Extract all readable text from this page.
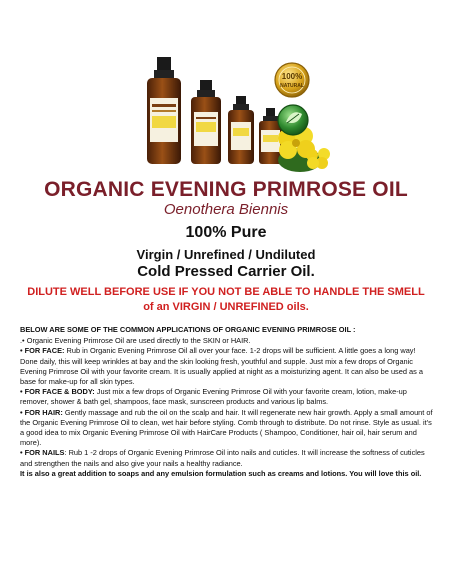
100%
NATURAL
ORGANIC EVENING PRIMROSE OIL
Oenothera Biennis
100% Pure
Virgin / Unrefined / Undiluted
Cold Pressed Carrier Oil.
DILUTE WELL BEFORE USE IF YOU NOT BE ABLE TO HANDLE THE SMELL
of an VIRGIN / UNREFINED oils.

BELOW ARE SOME OF THE COMMON APPLICATIONS OF ORGANIC EVENING PRIMROSE OIL :

.• Organic Evening Primrose Oil are used directly to the SKIN or HAIR.

• FOR FACE: Rub in Organic Evening Primrose Oil all over your face. 1-2 drops will be sufficient. A little goes a long way! Done daily, this will keep wrinkles at bay and the skin looking fresh, youthful and supple. Just mix a few drops of Organic Evening Primrose Oil with your favorite cream. It is usually applied at night as a moisturizing agent. It can also be used as a base for make-up for all skin types.

• FOR FACE & BODY: Just mix a few drops of Organic Evening Primrose Oil with your favorite cream, lotion, make-up remover, shower & bath gel, shampoos, face mask, sunscreen products and various lip balms.

• FOR HAIR: Gently massage and rub the oil on the scalp and hair. It will regenerate new hair growth. Apply a small amount of the Organic Evening Primrose Oil to clean, wet hair before styling. Comb through to distribute. Do not rinse. Style as usual. it's a good idea to mix Organic Evening Primrose Oil with HairCare Products ( Shampoo, Conditioner, hair oil, hair serum and more).

• FOR NAILS: Rub 1 -2 drops of Organic Evening Primrose Oil into nails and cuticles. It will increase the softness of cuticles and strengthen the nails and also give your nails a healthy radiance.

It is also a great addition to soaps and any emulsion formulation such as creams and lotions. You will love this oil.
